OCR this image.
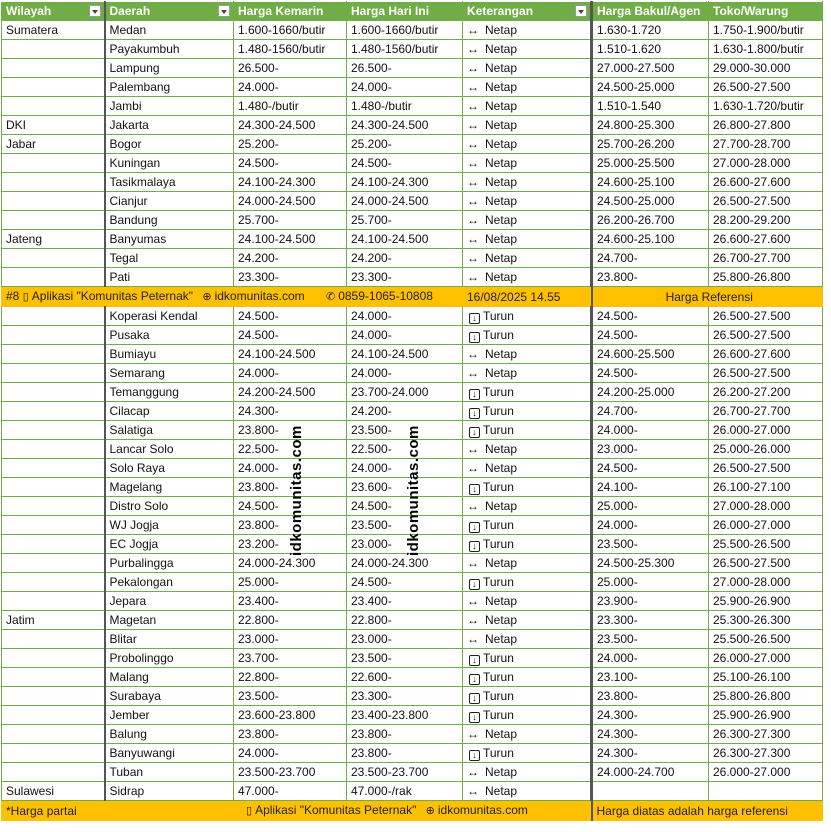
Wilayah	Daerah	Harga Kemarin	Harga Hari Ini	Keterangan	Harga Bakul/Agen	Toko/Warung
Sumatera	Medan	1.600-1660/butir	1.600-1660/butir	↔ Netap	1.630-1.720	1.750-1.900/butir
	Payakumbuh	1.480-1560/butir	1.480-1560/butir	↔ Netap	1.510-1.620	1.630-1.800/butir
	Lampung	26.500-	26.500-	↔ Netap	27.000-27.500	29.000-30.000
	Palembang	24.000-	24.000-	↔ Netap	24.500-25.000	26.500-27.500
	Jambi	1.480-/butir	1.480-/butir	↔ Netap	1.510-1.540	1.630-1.720/butir
DKI	Jakarta	24.300-24.500	24.300-24.500	↔ Netap	24.800-25.300	26.800-27.800
Jabar	Bogor	25.200-	25.200-	↔ Netap	25.700-26.200	27.700-28.700
	Kuningan	24.500-	24.500-	↔ Netap	25.000-25.500	27.000-28.000
	Tasikmalaya	24.100-24.300	24.100-24.300	↔ Netap	24.600-25.100	26.600-27.600
	Cianjur	24.000-24.500	24.000-24.500	↔ Netap	24.500-25.000	26.500-27.500
	Bandung	25.700-	25.700-	↔ Netap	26.200-26.700	28.200-29.200
Jateng	Banyumas	24.100-24.500	24.100-24.500	↔ Netap	24.600-25.100	26.600-27.600
	Tegal	24.200-	24.200-	↔ Netap	24.700-	26.700-27.700
	Pati	23.300-	23.300-	↔ Netap	23.800-	25.800-26.800
#8 ▯ Aplikasi "Komunitas Peternak" ⊕ idkomunitas.com ✆ 0859-1065-10808				16/08/2025 14.55	Harga Referensi	
	Koperasi Kendal	24.500-	24.000-	↓ Turun	24.500-	26.500-27.500
	Pusaka	24.500-	24.000-	↓ Turun	24.500-	26.500-27.500
	Bumiayu	24.100-24.500	24.100-24.500	↔ Netap	24.600-25.500	26.600-27.600
	Semarang	24.000-	24.000-	↔ Netap	24.500-	26.500-27.500
	Temanggung	24.200-24.500	23.700-24.000	↓ Turun	24.200-25.000	26.200-27.200
	Cilacap	24.300-	24.200-	↓ Turun	24.700-	26.700-27.700
	Salatiga	23.800-	23.500-	↓ Turun	24.000-	26.000-27.000
	Lancar Solo	22.500-	22.500-	↔ Netap	23.000-	25.000-26.000
	Solo Raya	24.000-	24.000-	↔ Netap	24.500-	26.500-27.500
	Magelang	23.800-	23.600-	↓ Turun	24.100-	26.100-27.100
	Distro Solo	24.500-	24.500-	↔ Netap	25.000-	27.000-28.000
	WJ Jogja	23.800-	23.500-	↓ Turun	24.000-	26.000-27.000
	EC Jogja	23.200-	23.000-	↓ Turun	23.500-	25.500-26.500
	Purbalingga	24.000-24.300	24.000-24.300	↔ Netap	24.500-25.300	26.500-27.500
	Pekalongan	25.000-	24.500-	↓ Turun	25.000-	27.000-28.000
	Jepara	23.400-	23.400-	↔ Netap	23.900-	25.900-26.900
Jatim	Magetan	22.800-	22.800-	↔ Netap	23.300-	25.300-26.300
	Blitar	23.000-	23.000-	↔ Netap	23.500-	25.500-26.500
	Probolinggo	23.700-	23.500-	↓ Turun	24.000-	26.000-27.000
	Malang	22.800-	22.600-	↓ Turun	23.100-	25.100-26.100
	Surabaya	23.500-	23.300-	↓ Turun	23.800-	25.800-26.800
	Jember	23.600-23.800	23.400-23.800	↓ Turun	24.300-	25.900-26.900
	Balung	23.800-	23.800-	↔ Netap	24.300-	26.300-27.300
	Banyuwangi	24.000-	23.800-	↓ Turun	24.300-	26.300-27.300
	Tuban	23.500-23.700	23.500-23.700	↔ Netap	24.000-24.700	26.000-27.000
Sulawesi	Sidrap	47.000-	47.000-/rak	↔ Netap		
*Harga partai		▯ Aplikasi "Komunitas Peternak" ⊕ idkomunitas.com			Harga diatas adalah harga referensi	
idkomunitas.com	idkomunitas.com
